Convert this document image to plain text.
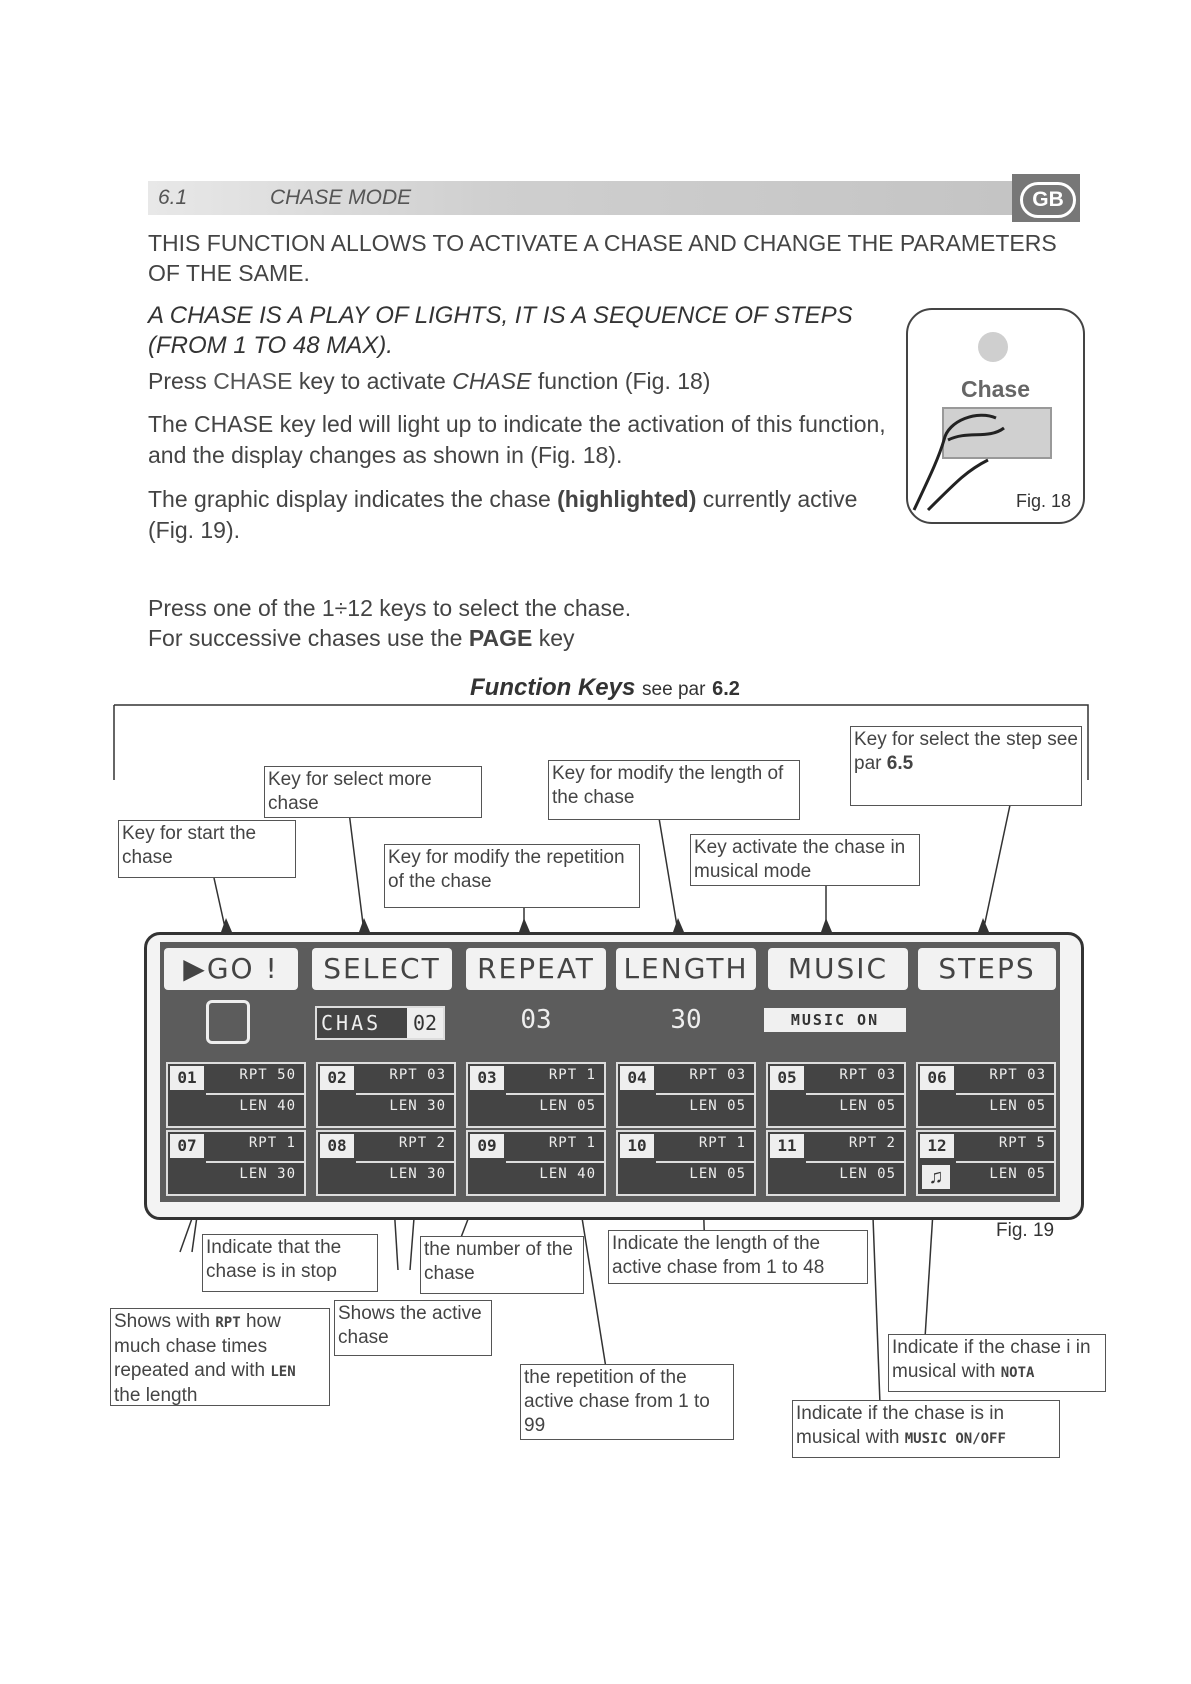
6.1	CHASE MODE	GB
THIS FUNCTION ALLOWS TO ACTIVATE A CHASE AND CHANGE THE PARAMETERS OF THE SAME.
A CHASE IS A PLAY OF LIGHTS, IT IS A SEQUENCE OF STEPS (FROM 1 TO 48 MAX).
Press CHASE key to activate CHASE function (Fig. 18)
The CHASE key led will light up to indicate the activation of this function, and the display changes as shown in (Fig. 18).
The graphic display indicates the chase (highlighted) currently active (Fig. 19).
Press one of the 1÷12 keys to select the chase.
For successive chases use the PAGE key
Chase
Fig. 18
Function Keys see par 6.2
Key for select more chase
Key for modify the length of the chase
Key for select the step see par 6.5
Key for start the chase	Key for modify the repetition of the chase
Key activate the chase in musical mode
▶GO !	SELECT	REPEAT	LENGTH	MUSIC	STEPS
CHAS	02	03	30	MUSIC ON
01	RPT 50
LEN 40
02	RPT 03
LEN 30
03	RPT 1
LEN 05
04	RPT 03
LEN 05
05	RPT 03
LEN 05
06	RPT 03
LEN 05
07	RPT 1
LEN 30
08	RPT 2
LEN 30
09	RPT 1
LEN 40
10	RPT 1
LEN 05
11	RPT 2
LEN 05
12	RPT 5
♫	LEN 05
Fig. 19
Indicate that the chase is in stop
the number of the chase
Indicate the length of the active chase from 1 to 48
Shows with RPT how much chase times repeated and with LEN the length
Shows the active chase
the repetition of the active chase from 1 to 99
Indicate if the chase i in musical with NOTA
Indicate if the chase is in musical with MUSIC ON/OFF
